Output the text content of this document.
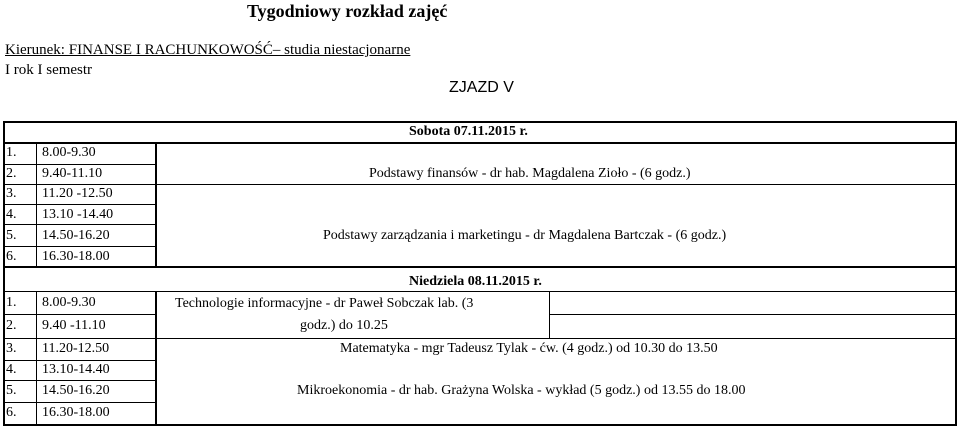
Tygodniowy rozkład zajęć
Kierunek: FINANSE I RACHUNKOWOŚĆ– studia niestacjonarne
I rok I semestr
ZJAZD V
Sobota 07.11.2015 r.
1. 8.00-9.30
2. 9.40-11.10
3. 11.20 -12.50
4. 13.10 -14.40
5. 14.50-16.20
6. 16.30-18.00
Podstawy finansów - dr hab. Magdalena Zioło - (6 godz.)
Podstawy zarządzania i marketingu - dr Magdalena Bartczak - (6 godz.)
Niedziela 08.11.2015 r.
1. 8.00-9.30
2. 9.40 -11.10
3. 11.20-12.50
4. 13.10-14.40
5. 14.50-16.20
6. 16.30-18.00
Technologie informacyjne - dr Paweł Sobczak lab. (3
godz.) do 10.25
Matematyka - mgr Tadeusz Tylak - ćw. (4 godz.) od 10.30 do 13.50
Mikroekonomia - dr hab. Grażyna Wolska - wykład (5 godz.) od 13.55 do 18.00
